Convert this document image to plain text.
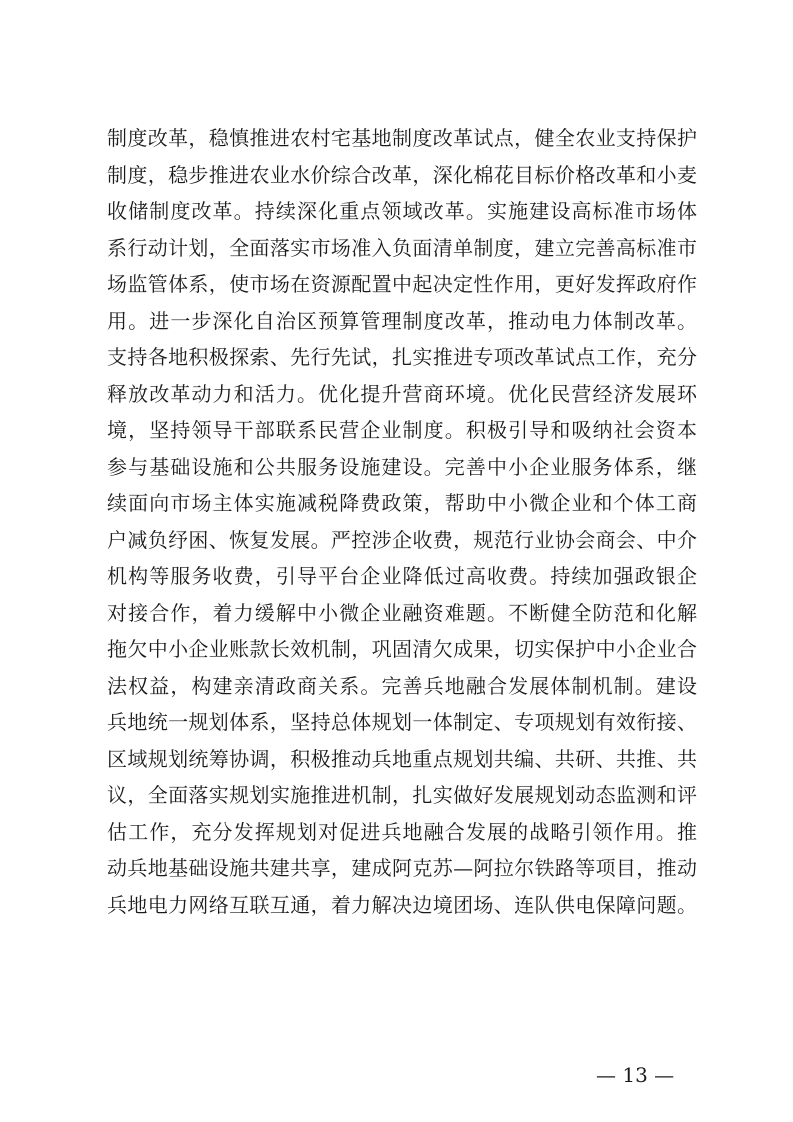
制度改革，稳慎推进农村宅基地制度改革试点，健全农业支持保护
制度，稳步推进农业水价综合改革，深化棉花目标价格改革和小麦
收储制度改革。持续深化重点领域改革。实施建设高标准市场体
系行动计划，全面落实市场准入负面清单制度，建立完善高标准市
场监管体系，使市场在资源配置中起决定性作用，更好发挥政府作
用。进一步深化自治区预算管理制度改革，推动电力体制改革。
支持各地积极探索、先行先试，扎实推进专项改革试点工作，充分
释放改革动力和活力。优化提升营商环境。优化民营经济发展环
境，坚持领导干部联系民营企业制度。积极引导和吸纳社会资本
参与基础设施和公共服务设施建设。完善中小企业服务体系，继
续面向市场主体实施减税降费政策，帮助中小微企业和个体工商
户减负纾困、恢复发展。严控涉企收费，规范行业协会商会、中介
机构等服务收费，引导平台企业降低过高收费。持续加强政银企
对接合作，着力缓解中小微企业融资难题。不断健全防范和化解
拖欠中小企业账款长效机制，巩固清欠成果，切实保护中小企业合
法权益，构建亲清政商关系。完善兵地融合发展体制机制。建设
兵地统一规划体系，坚持总体规划一体制定、专项规划有效衔接、
区域规划统筹协调，积极推动兵地重点规划共编、共研、共推、共
议，全面落实规划实施推进机制，扎实做好发展规划动态监测和评
估工作，充分发挥规划对促进兵地融合发展的战略引领作用。推
动兵地基础设施共建共享，建成阿克苏—阿拉尔铁路等项目，推动
兵地电力网络互联互通，着力解决边境团场、连队供电保障问题。
— 13 —
